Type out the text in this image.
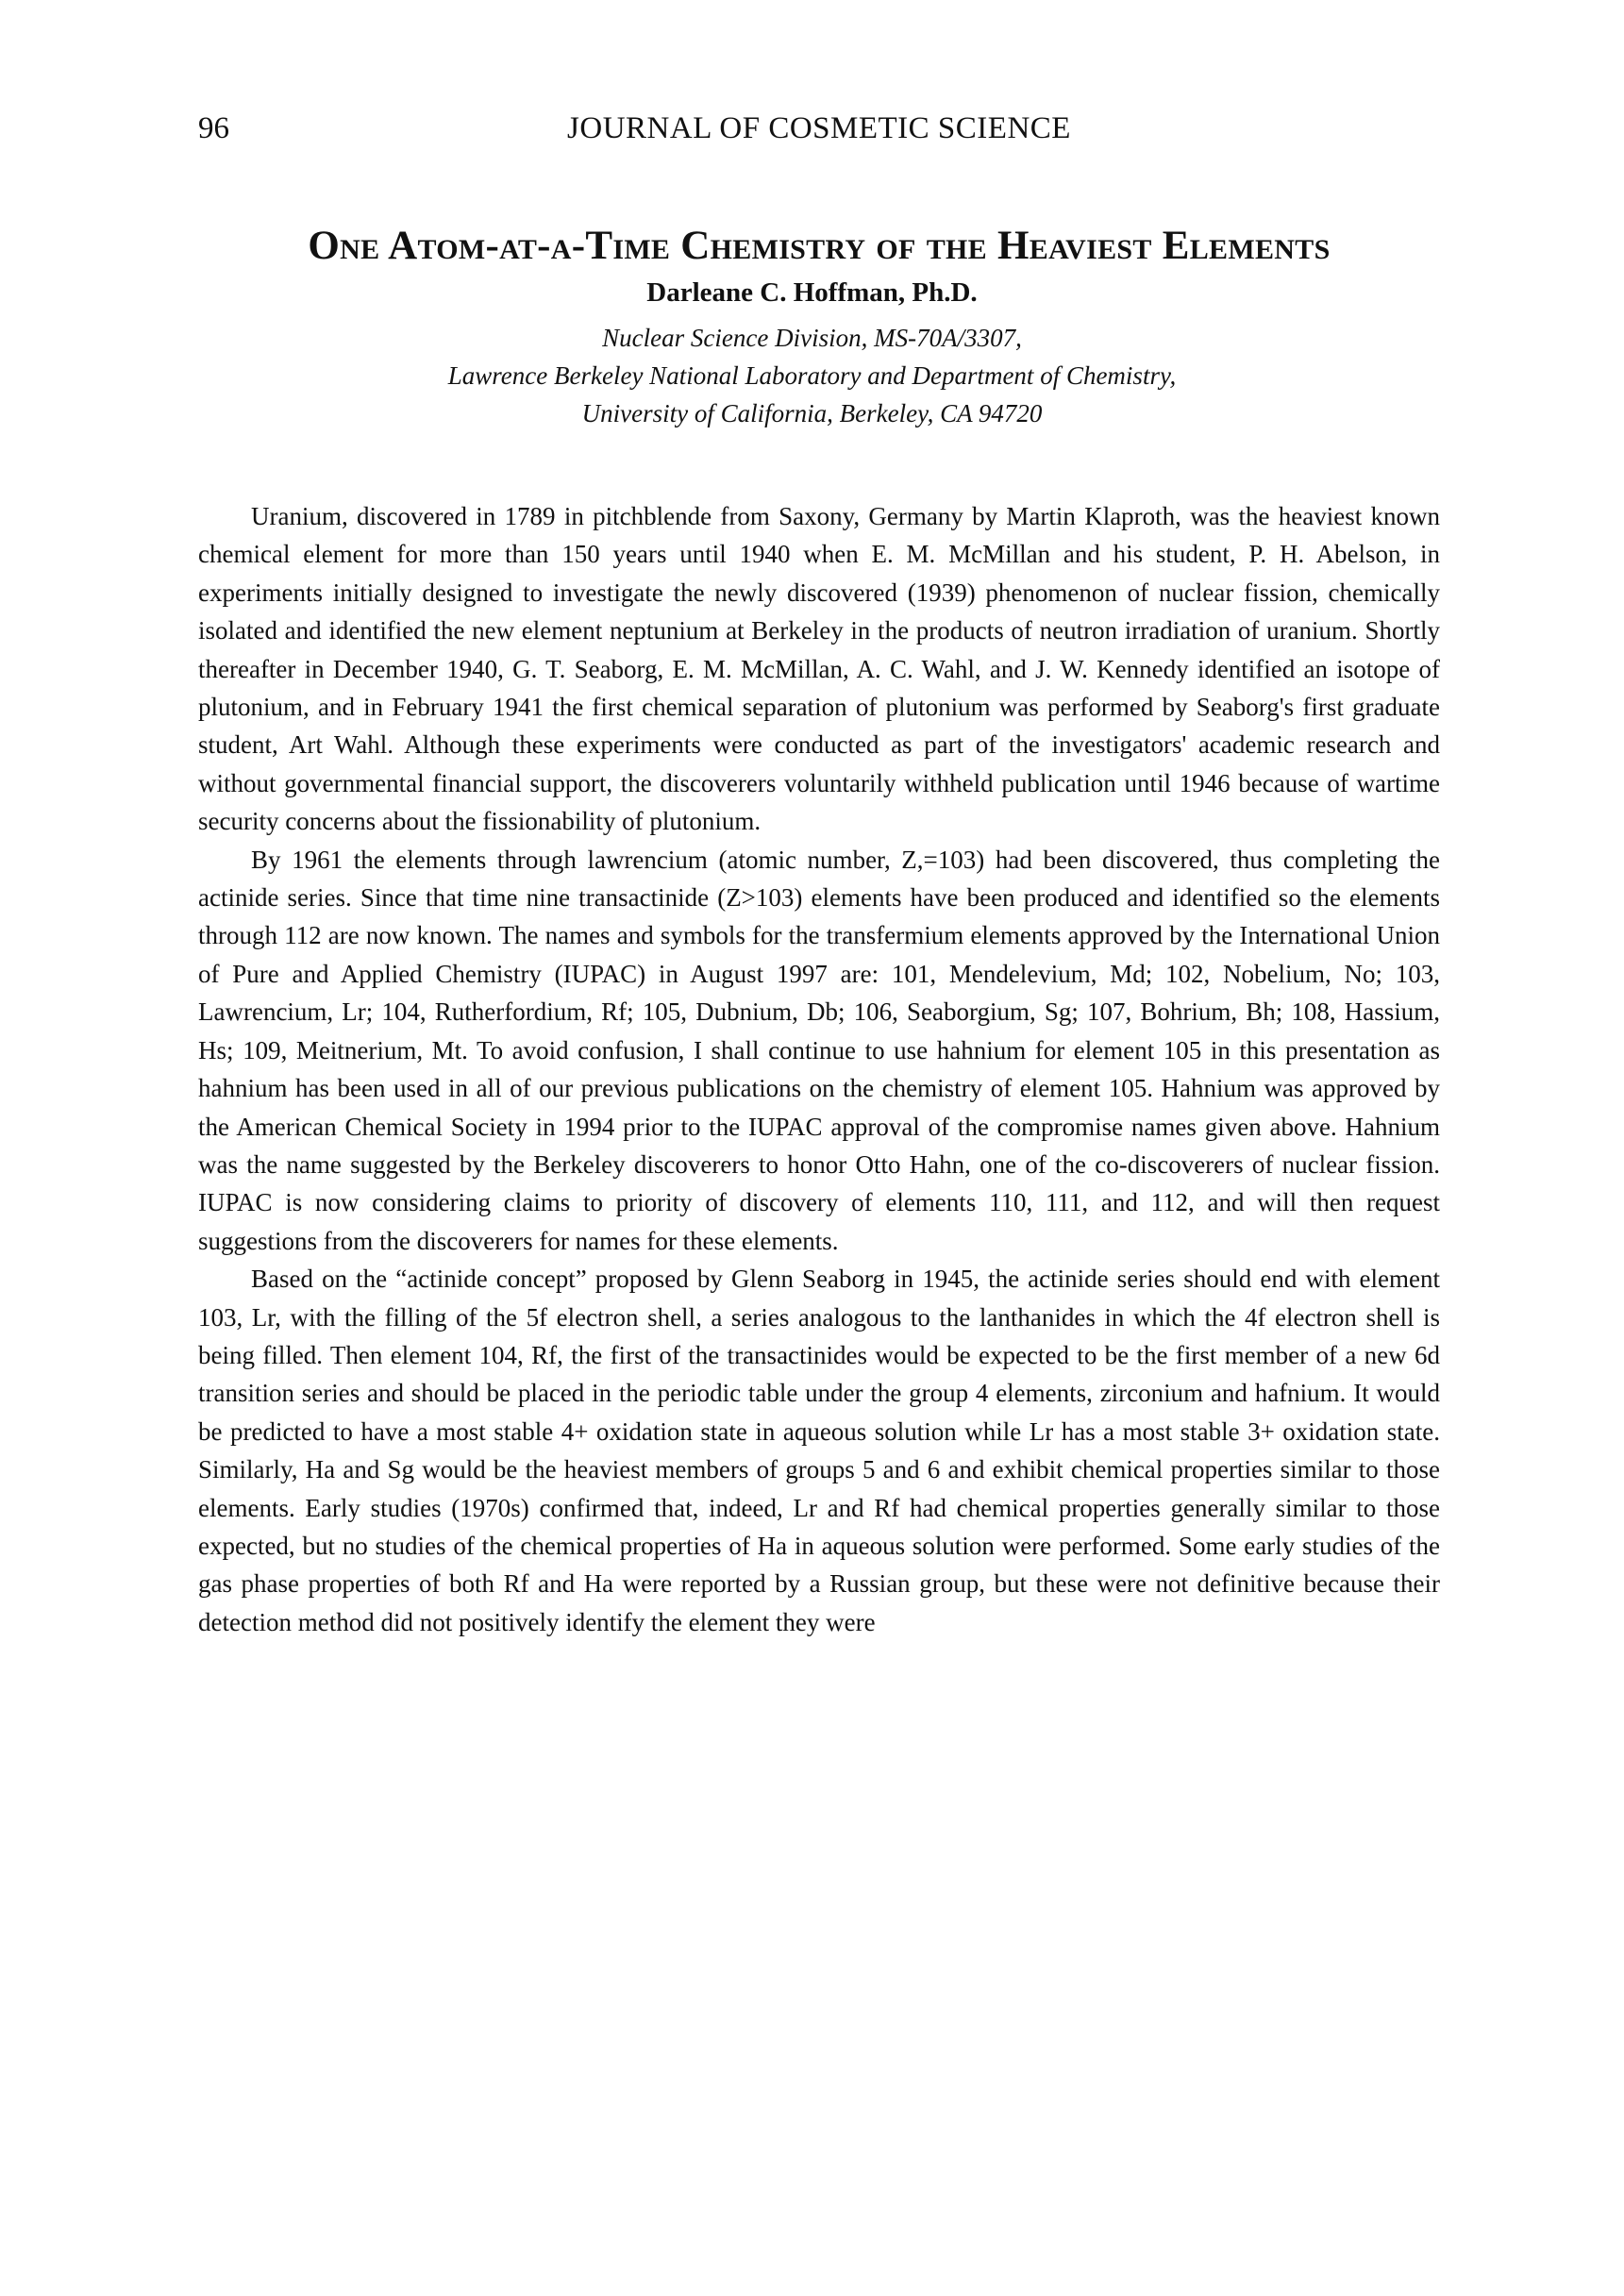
96	JOURNAL OF COSMETIC SCIENCE
One Atom-at-a-Time Chemistry of the Heaviest Elements
Darleane C. Hoffman, Ph.D.
Nuclear Science Division, MS-70A/3307,
Lawrence Berkeley National Laboratory and Department of Chemistry,
University of California, Berkeley, CA 94720

Uranium, discovered in 1789 in pitchblende from Saxony, Germany by Martin Klaproth, was the heaviest known chemical element for more than 150 years until 1940 when E. M. McMillan and his student, P. H. Abelson, in experiments initially designed to investigate the newly discovered (1939) phenomenon of nuclear fission, chemically isolated and identified the new element neptunium at Berkeley in the products of neutron irradiation of uranium. Shortly thereafter in December 1940, G. T. Seaborg, E. M. McMillan, A. C. Wahl, and J. W. Kennedy identified an isotope of plutonium, and in February 1941 the first chemical separation of plutonium was performed by Seaborg's first graduate student, Art Wahl. Although these experiments were conducted as part of the investigators' academic research and without governmental financial support, the discoverers voluntarily withheld publication until 1946 because of wartime security concerns about the fissionability of plutonium.

By 1961 the elements through lawrencium (atomic number, Z,=103) had been discovered, thus completing the actinide series. Since that time nine transactinide (Z>103) elements have been produced and identified so the elements through 112 are now known. The names and symbols for the transfermium elements approved by the International Union of Pure and Applied Chemistry (IUPAC) in August 1997 are: 101, Mendelevium, Md; 102, Nobelium, No; 103, Lawrencium, Lr; 104, Rutherfordium, Rf; 105, Dubnium, Db; 106, Seaborgium, Sg; 107, Bohrium, Bh; 108, Hassium, Hs; 109, Meitnerium, Mt. To avoid confusion, I shall continue to use hahnium for element 105 in this presentation as hahnium has been used in all of our previous publications on the chemistry of element 105. Hahnium was approved by the American Chemical Society in 1994 prior to the IUPAC approval of the compromise names given above. Hahnium was the name suggested by the Berkeley discoverers to honor Otto Hahn, one of the co-discoverers of nuclear fission. IUPAC is now considering claims to priority of discovery of elements 110, 111, and 112, and will then request suggestions from the discoverers for names for these elements.

Based on the “actinide concept” proposed by Glenn Seaborg in 1945, the actinide series should end with element 103, Lr, with the filling of the 5f electron shell, a series analogous to the lanthanides in which the 4f electron shell is being filled. Then element 104, Rf, the first of the transactinides would be expected to be the first member of a new 6d transition series and should be placed in the periodic table under the group 4 elements, zirconium and hafnium. It would be predicted to have a most stable 4+ oxidation state in aqueous solution while Lr has a most stable 3+ oxidation state. Similarly, Ha and Sg would be the heaviest members of groups 5 and 6 and exhibit chemical properties similar to those elements. Early studies (1970s) confirmed that, indeed, Lr and Rf had chemical properties generally similar to those expected, but no studies of the chemical properties of Ha in aqueous solution were performed. Some early studies of the gas phase properties of both Rf and Ha were reported by a Russian group, but these were not definitive because their detection method did not positively identify the element they were
